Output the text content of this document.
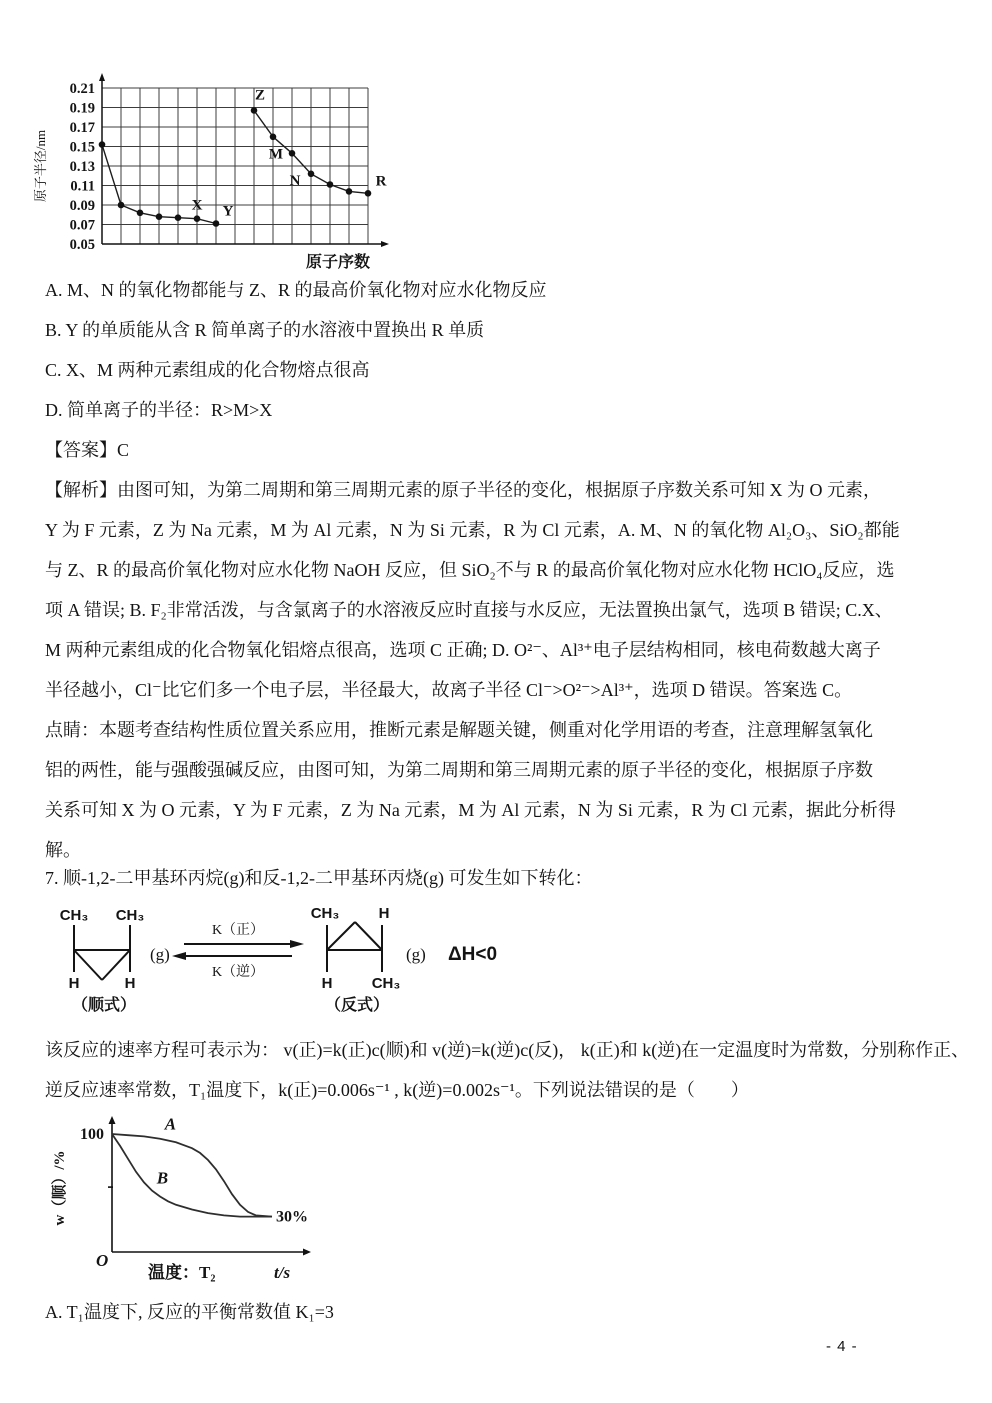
0.21
0.19
0.17
0.15
0.13
0.11
0.09
0.07
0.05
X Y
Z
M
N	R
原子序数
原子半径/nm
A. M、N 的氧化物都能与 Z、R 的最高价氧化物对应水化物反应
B. Y 的单质能从含 R 简单离子的水溶液中置换出 R 单质
C. X、M 两种元素组成的化合物熔点很高
D. 简单离子的半径：R>M>X
【答案】C
【解析】由图可知，为第二周期和第三周期元素的原子半径的变化，根据原子序数关系可知 X 为 O 元素，
Y 为 F 元素，Z 为 Na 元素，M 为 Al 元素，N 为 Si 元素，R 为 Cl 元素，A. M、N 的氧化物 Al₂O₃、SiO₂都能
与 Z、R 的最高价氧化物对应水化物 NaOH 反应，但 SiO₂不与 R 的最高价氧化物对应水化物 HClO₄反应，选
项 A 错误; B. F₂非常活泼，与含氯离子的水溶液反应时直接与水反应，无法置换出氯气，选项 B 错误; C.X、
M 两种元素组成的化合物氧化铝熔点很高，选项 C 正确; D. O²⁻、Al³⁺电子层结构相同，核电荷数越大离子
半径越小，Cl⁻比它们多一个电子层，半径最大，故离子半径 Cl⁻>O²⁻>Al³⁺，选项 D 错误。答案选 C。
点睛：本题考查结构性质位置关系应用，推断元素是解题关键，侧重对化学用语的考查，注意理解氢氧化
铝的两性，能与强酸强碱反应，由图可知，为第二周期和第三周期元素的原子半径的变化，根据原子序数
关系可知 X 为 O 元素，Y 为 F 元素，Z 为 Na 元素，M 为 Al 元素，N 为 Si 元素，R 为 Cl 元素，据此分析得
解。
7. 顺-1,2-二甲基环丙烷(g)和反-1,2-二甲基环丙烧(g) 可发生如下转化：
CH₃ CH₃
H	H
(g)
（顺式）
K（正）
K（逆）
CH₃	H
H	CH₃
(g)
（反式）
ΔH<0
该反应的速率方程可表示为： v(正)=k(正)c(顺)和 v(逆)=k(逆)c(反)， k(正)和 k(逆)在一定温度时为常数，分别称作正、
逆反应速率常数，T₁温度下，k(正)=0.006s⁻¹ , k(逆)=0.002s⁻¹。下列说法错误的是（　　）
A
B
100
O
30%
温度：T₂	t/s
w（顺）/%
A. T₁温度下, 反应的平衡常数值 K₁=3
- 4 -
